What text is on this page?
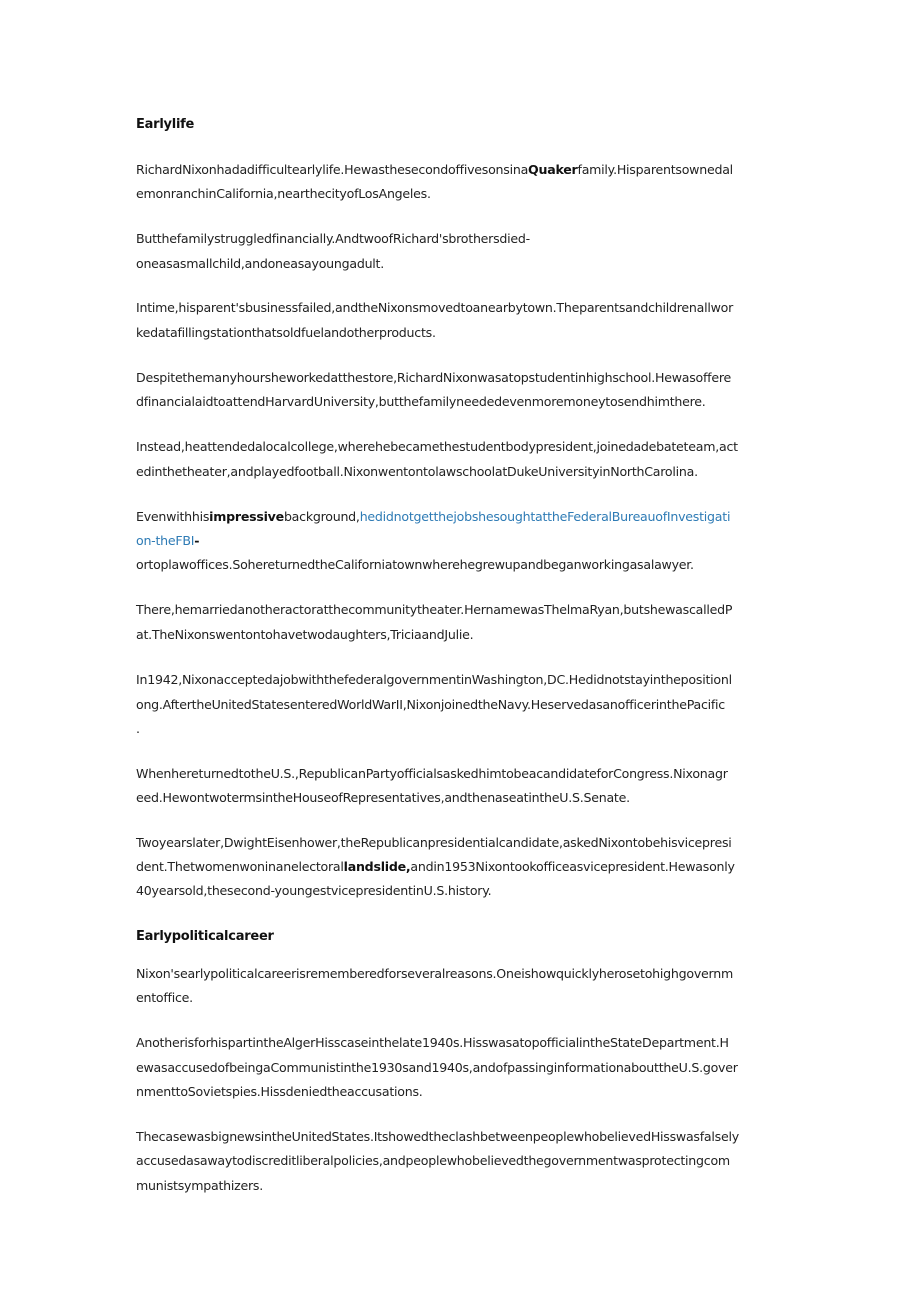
Earlylife
RichardNixonhadadifficultearlylife.HewasthesecondoffivesonsinaQuakerfamily.Hisparentsownedal
emonranchinCalifornia,nearthecityofLosAngeles.
Butthefamilystruggledfinancially.AndtwoofRichard'sbrothersdied-
oneasasmallchild,andoneasayoungadult.
Intime,hisparent'sbusinessfailed,andtheNixonsmovedtoanearbytown.Theparentsandchildrenallwor
kedatafillingstationthatsoldfuelandotherproducts.
Despitethemanyhoursheworkedatthestore,RichardNixonwasatopstudentinhighschool.Hewasoffere
dfinancialaidtoattendHarvardUniversity,butthefamilyneededevenmoremoneytosendhimthere.
Instead,heattendedalocalcollege,wherehebecamethestudentbodypresident,joinedadebateteam,act
edinthetheater,andplayedfootball.NixonwentontolawschoolatDukeUniversityinNorthCarolina.
Evenwithhisimpressivebackground,hedidnotgetthejobshesoughtattheFederalBureauofInvestigati
on-theFBI-
ortoplawoffices.SohereturnedtheCaliforniatownwherehegrewupandbeganworkingasalawyer.
There,hemarriedanotheractoratthecommunitytheater.HernamewasThelmaRyan,butshewascalledP
at.TheNixonswentontohavetwodaughters,TriciaandJulie.
In1942,NixonacceptedajobwiththefederalgovernmentinWashington,DC.Hedidnotstayinthepositionl
ong.AftertheUnitedStatesenteredWorldWarII,NixonjoinedtheNavy.HeservedasanofficerinthePacific
.
WhenhereturnedtotheU.S.,RepublicanPartyofficialsaskedhimtobeacandidateforCongress.Nixonagr
eed.HewontwotermsintheHouseofRepresentatives,andthenaseatintheU.S.Senate.
Twoyearslater,DwightEisenhower,theRepublicanpresidentialcandidate,askedNixontobehisvicepresi
dent.Thetwomenwoninanelectorallandslide,andin1953Nixontookofficeasvicepresident.Hewasonly
40yearsold,thesecond-youngestvicepresidentinU.S.history.
Earlypoliticalcareer
Nixon'searlypoliticalcareerisrememberedforseveralreasons.Oneishowquicklyherosetohighgovernm
entoffice.
AnotherisforhispartintheAlgerHisscaseinthelate1940s.HisswasatopofficialintheStateDepartment.H
ewasaccusedofbeingaCommunistinthe1930sand1940s,andofpassinginformationabouttheU.S.gover
nmenttoSovietspies.Hissdeniedtheaccusations.
ThecasewasbignewsintheUnitedStates.ItshowedtheclashbetweenpeoplewhobelievedHisswasfalsely
accusedasawaytodiscreditliberalpolicies,andpeoplewhobelievedthegovernmentwasprotectingcom
munistsympathizers.
